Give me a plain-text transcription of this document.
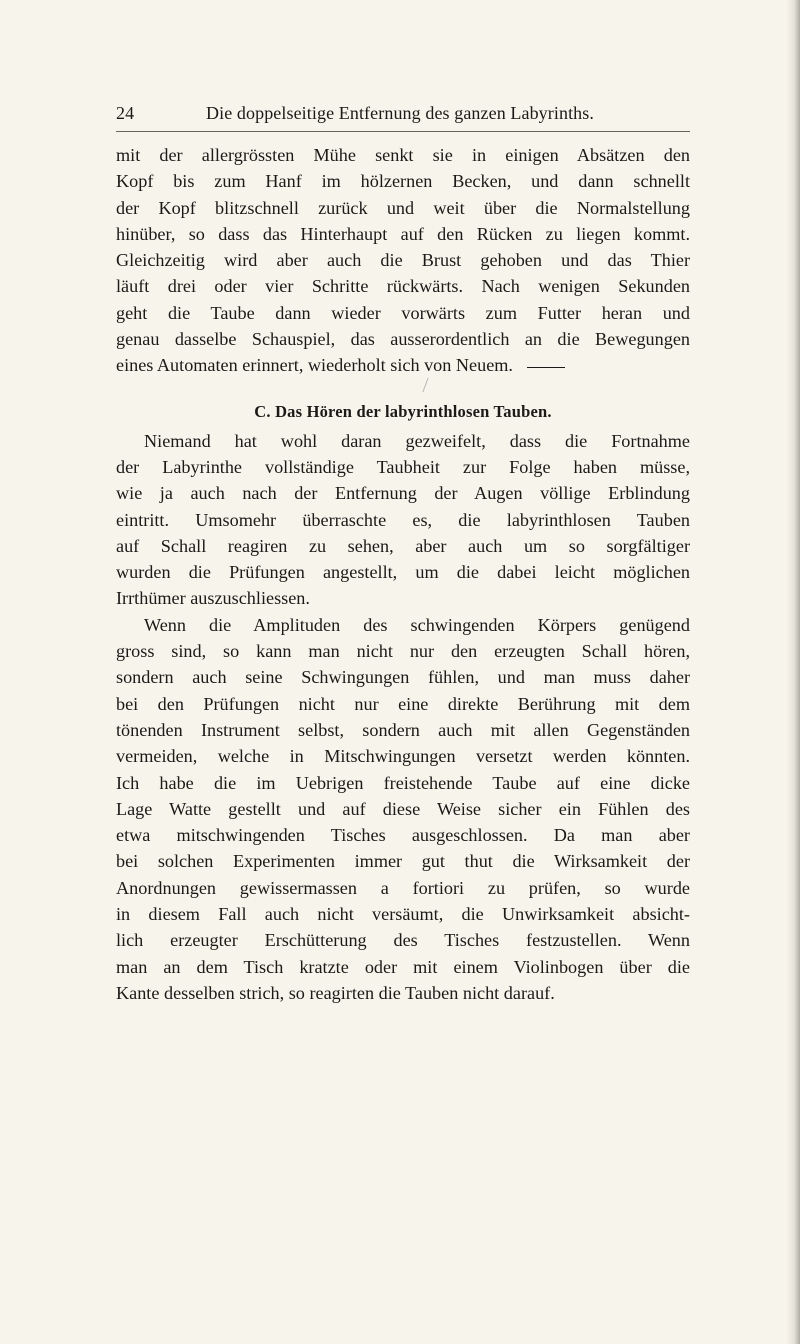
24	Die doppelseitige Entfernung des ganzen Labyrinths.
mit der allergrössten Mühe senkt sie in einigen Absätzen den
Kopf bis zum Hanf im hölzernen Becken, und dann schnellt
der Kopf blitzschnell zurück und weit über die Normalstellung
hinüber, so dass das Hinterhaupt auf den Rücken zu liegen kommt.
Gleichzeitig wird aber auch die Brust gehoben und das Thier
läuft drei oder vier Schritte rückwärts. Nach wenigen Sekunden
geht die Taube dann wieder vorwärts zum Futter heran und
genau dasselbe Schauspiel, das ausserordentlich an die Bewegungen
eines Automaten erinnert, wiederholt sich von Neuem.
C. Das Hören der labyrinthlosen Tauben.
Niemand hat wohl daran gezweifelt, dass die Fortnahme
der Labyrinthe vollständige Taubheit zur Folge haben müsse,
wie ja auch nach der Entfernung der Augen völlige Erblindung
eintritt. Umsomehr überraschte es, die labyrinthlosen Tauben
auf Schall reagiren zu sehen, aber auch um so sorgfältiger
wurden die Prüfungen angestellt, um die dabei leicht möglichen
Irrthümer auszuschliessen.
Wenn die Amplituden des schwingenden Körpers genügend
gross sind, so kann man nicht nur den erzeugten Schall hören,
sondern auch seine Schwingungen fühlen, und man muss daher
bei den Prüfungen nicht nur eine direkte Berührung mit dem
tönenden Instrument selbst, sondern auch mit allen Gegenständen
vermeiden, welche in Mitschwingungen versetzt werden könnten.
Ich habe die im Uebrigen freistehende Taube auf eine dicke
Lage Watte gestellt und auf diese Weise sicher ein Fühlen des
etwa mitschwingenden Tisches ausgeschlossen. Da man aber
bei solchen Experimenten immer gut thut die Wirksamkeit der
Anordnungen gewissermassen a fortiori zu prüfen, so wurde
in diesem Fall auch nicht versäumt, die Unwirksamkeit absicht-
lich erzeugter Erschütterung des Tisches festzustellen. Wenn
man an dem Tisch kratzte oder mit einem Violinbogen über die
Kante desselben strich, so reagirten die Tauben nicht darauf.
